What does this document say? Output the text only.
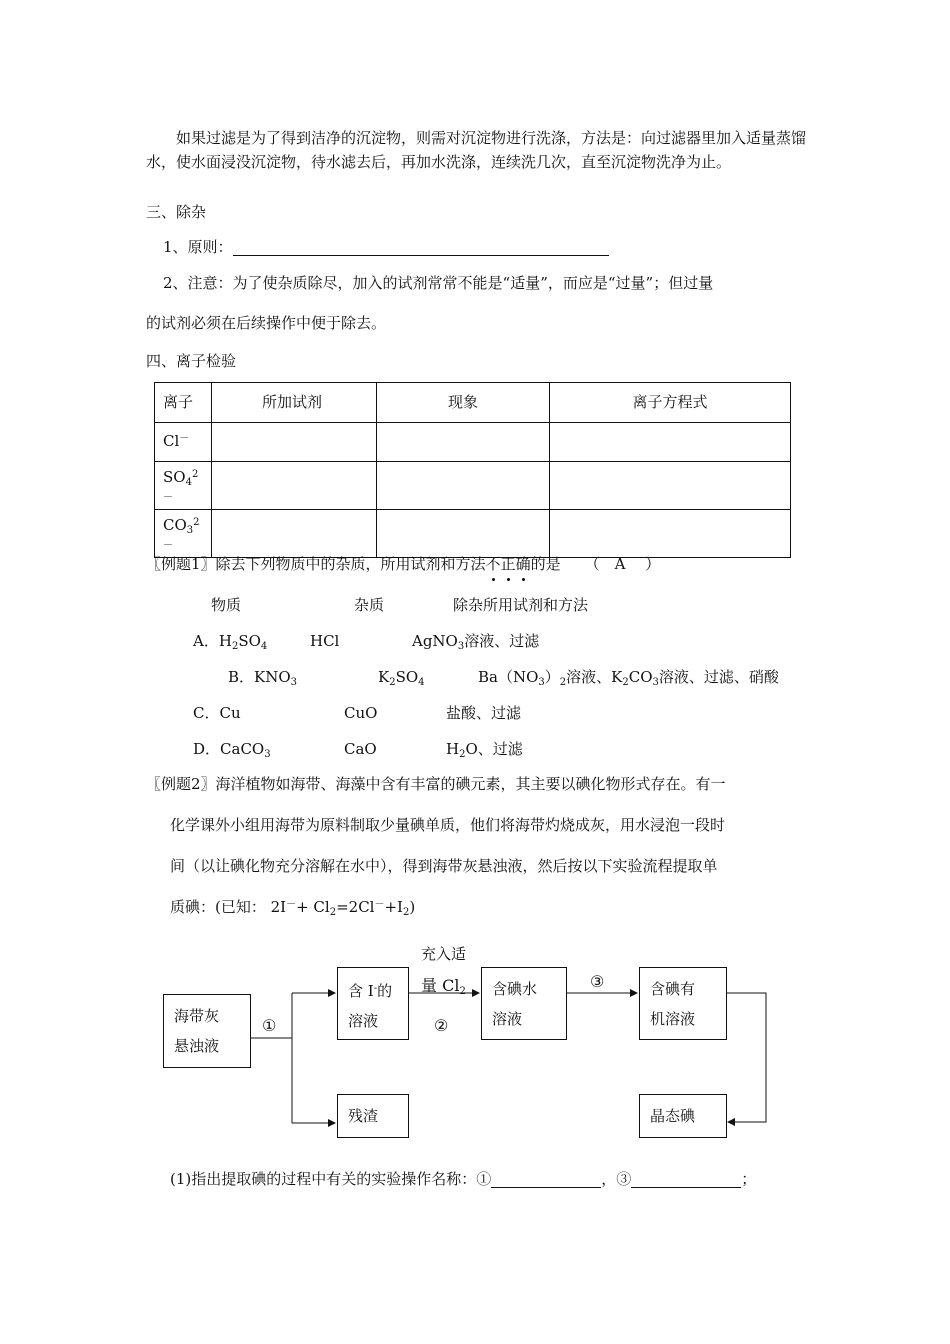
如果过滤是为了得到洁净的沉淀物，则需对沉淀物进行洗涤，方法是：向过滤器里加入适量蒸馏水，使水面浸没沉淀物，待水滤去后，再加水洗涤，连续洗几次，直至沉淀物洗净为止。
三、除杂
1、原则：
2、注意：为了使杂质除尽，加入的试剂常常不能是“适量”，而应是“过量”；但过量
的试剂必须在后续操作中便于除去。
四、离子检验
离子	所加试剂	现象	离子方程式
Cl－			
$SO_4^{2-}$			
$CO_3^{2-}$			
〖例题1〗除去下列物质中的杂质，所用试剂和方法不
正
确
的是 （　A　 ）
物质	杂质	除杂所用试剂和方法
A．$H_2SO_4$	HCl	AgNO$_3$溶液、过滤
B．$KNO_3$	$K_2SO_4$	$Ba(NO_3)_2$溶液、$K_2CO_3$溶液、过滤、硝酸
C．Cu	CuO	盐酸、过滤
D．CaCO$_3$	CaO	$H_2O$、过滤
〖例题2〗海洋植物如海带、海藻中含有丰富的碘元素，其主要以碘化物形式存在。有一
化学课外小组用海带为原料制取少量碘单质，他们将海带灼烧成灰，用水浸泡一段时
间（以让碘化物充分溶解在水中），得到海带灰悬浊液，然后按以下实验流程提取单
质碘：(已知： $2I^-+ Cl_2=2Cl^-+I_2$)
海带灰
悬浊液
含 I-的
溶液
含碘水
溶液
含碘有
机溶液
残渣	晶态碘
①	②
③
充入适
量 $Cl_2$
(1)指出提取碘的过程中有关的实验操作名称：①	，③	；
